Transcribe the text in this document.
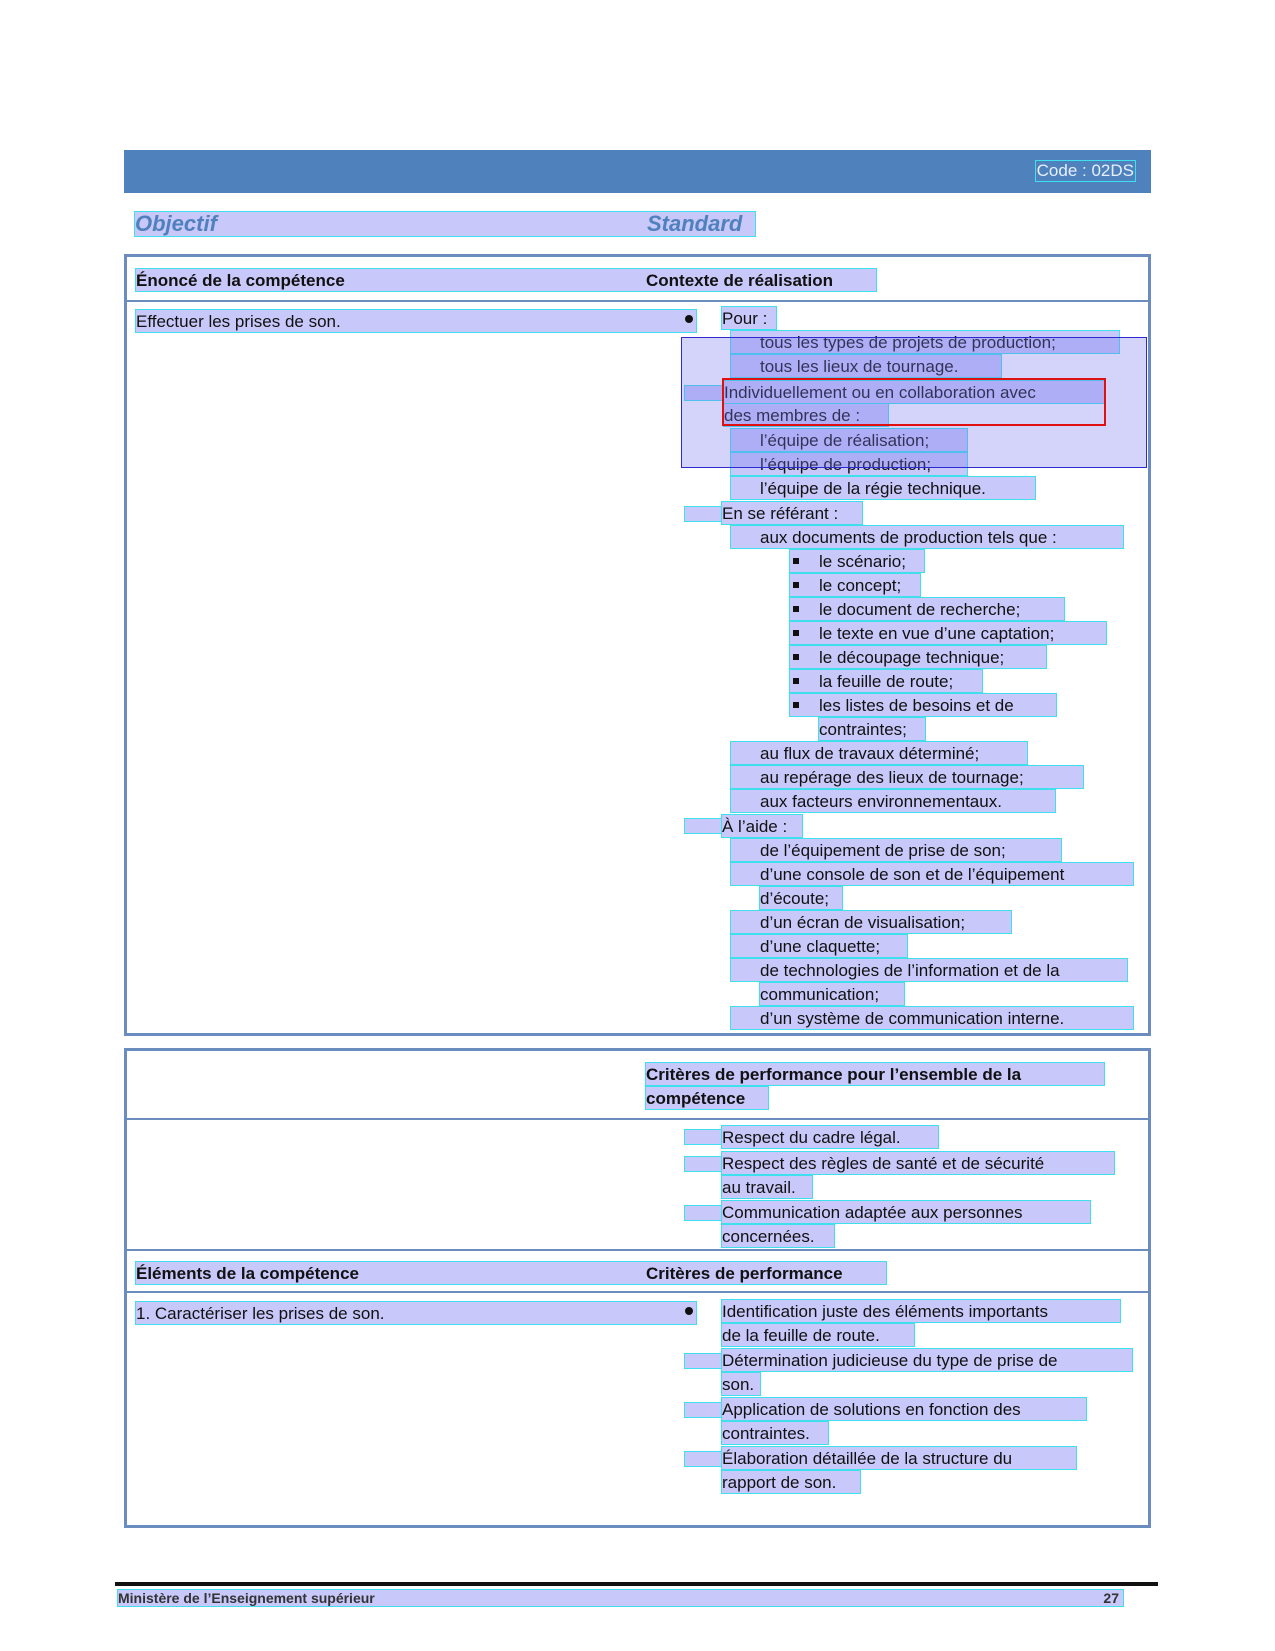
Code : 02DS
Objectif	Standard
Énoncé de la compétence	Contexte de réalisation
Effectuer les prises de son.	Pour :
tous les types de projets de production;
tous les lieux de tournage.
Individuellement ou en collaboration avec
des membres de :
l’équipe de réalisation;
l’équipe de production;
l’équipe de la régie technique.
En se référant :
aux documents de production tels que :
le scénario;
le concept;
le document de recherche;
le texte en vue d’une captation;
le découpage technique;
la feuille de route;
les listes de besoins et de
contraintes;
au flux de travaux déterminé;
au repérage des lieux de tournage;
aux facteurs environnementaux.
À l’aide :
de l’équipement de prise de son;
d’une console de son et de l’équipement
d’écoute;
d’un écran de visualisation;
d’une claquette;
de technologies de l’information et de la
communication;
d’un système de communication interne.
Critères de performance pour l’ensemble de la
compétence
Respect du cadre légal.
Respect des règles de santé et de sécurité
au travail.
Communication adaptée aux personnes
concernées.
Éléments de la compétence	Critères de performance
1. Caractériser les prises de son.	Identification juste des éléments importants
de la feuille de route.
Détermination judicieuse du type de prise de
son.
Application de solutions en fonction des
contraintes.
Élaboration détaillée de la structure du
rapport de son.
Ministère de l’Enseignement supérieur	27
